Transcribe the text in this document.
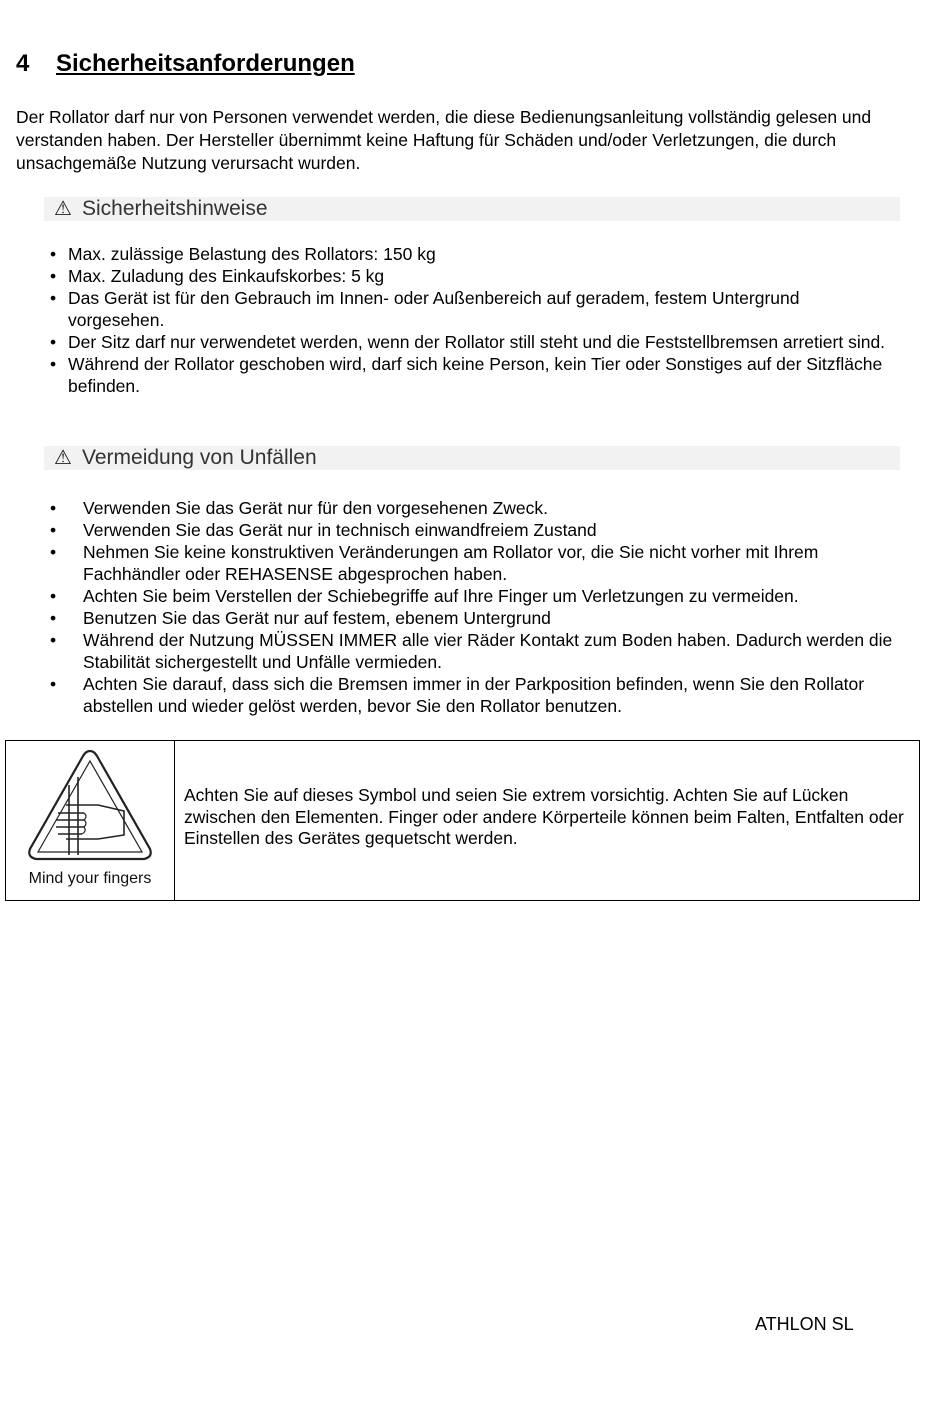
4 Sicherheitsanforderungen

Der Rollator darf nur von Personen verwendet werden, die diese Bedienungsanleitung vollständig gelesen und verstanden haben. Der Hersteller übernimmt keine Haftung für Schäden und/oder Verletzungen, die durch unsachgemäße Nutzung verursacht wurden.

⚠ Sicherheitshinweise
• Max. zulässige Belastung des Rollators: 150 kg
• Max. Zuladung des Einkaufskorbes: 5 kg
• Das Gerät ist für den Gebrauch im Innen- oder Außenbereich auf geradem, festem Untergrund vorgesehen.
• Der Sitz darf nur verwendetet werden, wenn der Rollator still steht und die Feststellbremsen arretiert sind.
• Während der Rollator geschoben wird, darf sich keine Person, kein Tier oder Sonstiges auf der Sitzfläche befinden.
⚠ Vermeidung von Unfällen
• Verwenden Sie das Gerät nur für den vorgesehenen Zweck.
• Verwenden Sie das Gerät nur in technisch einwandfreiem Zustand
• Nehmen Sie keine konstruktiven Veränderungen am Rollator vor, die Sie nicht vorher mit Ihrem Fachhändler oder REHASENSE abgesprochen haben.
• Achten Sie beim Verstellen der Schiebegriffe auf Ihre Finger um Verletzungen zu vermeiden.
• Benutzen Sie das Gerät nur auf festem, ebenem Untergrund
• Während der Nutzung MÜSSEN IMMER alle vier Räder Kontakt zum Boden haben. Dadurch werden die Stabilität sichergestellt und Unfälle vermieden.
• Achten Sie darauf, dass sich die Bremsen immer in der Parkposition befinden, wenn Sie den Rollator abstellen und wieder gelöst werden, bevor Sie den Rollator benutzen.
Mind your fingers
Achten Sie auf dieses Symbol und seien Sie extrem vorsichtig. Achten Sie auf Lücken zwischen den Elementen. Finger oder andere Körperteile können beim Falten, Entfalten oder Einstellen des Gerätes gequetscht werden.
ATHLON SL
